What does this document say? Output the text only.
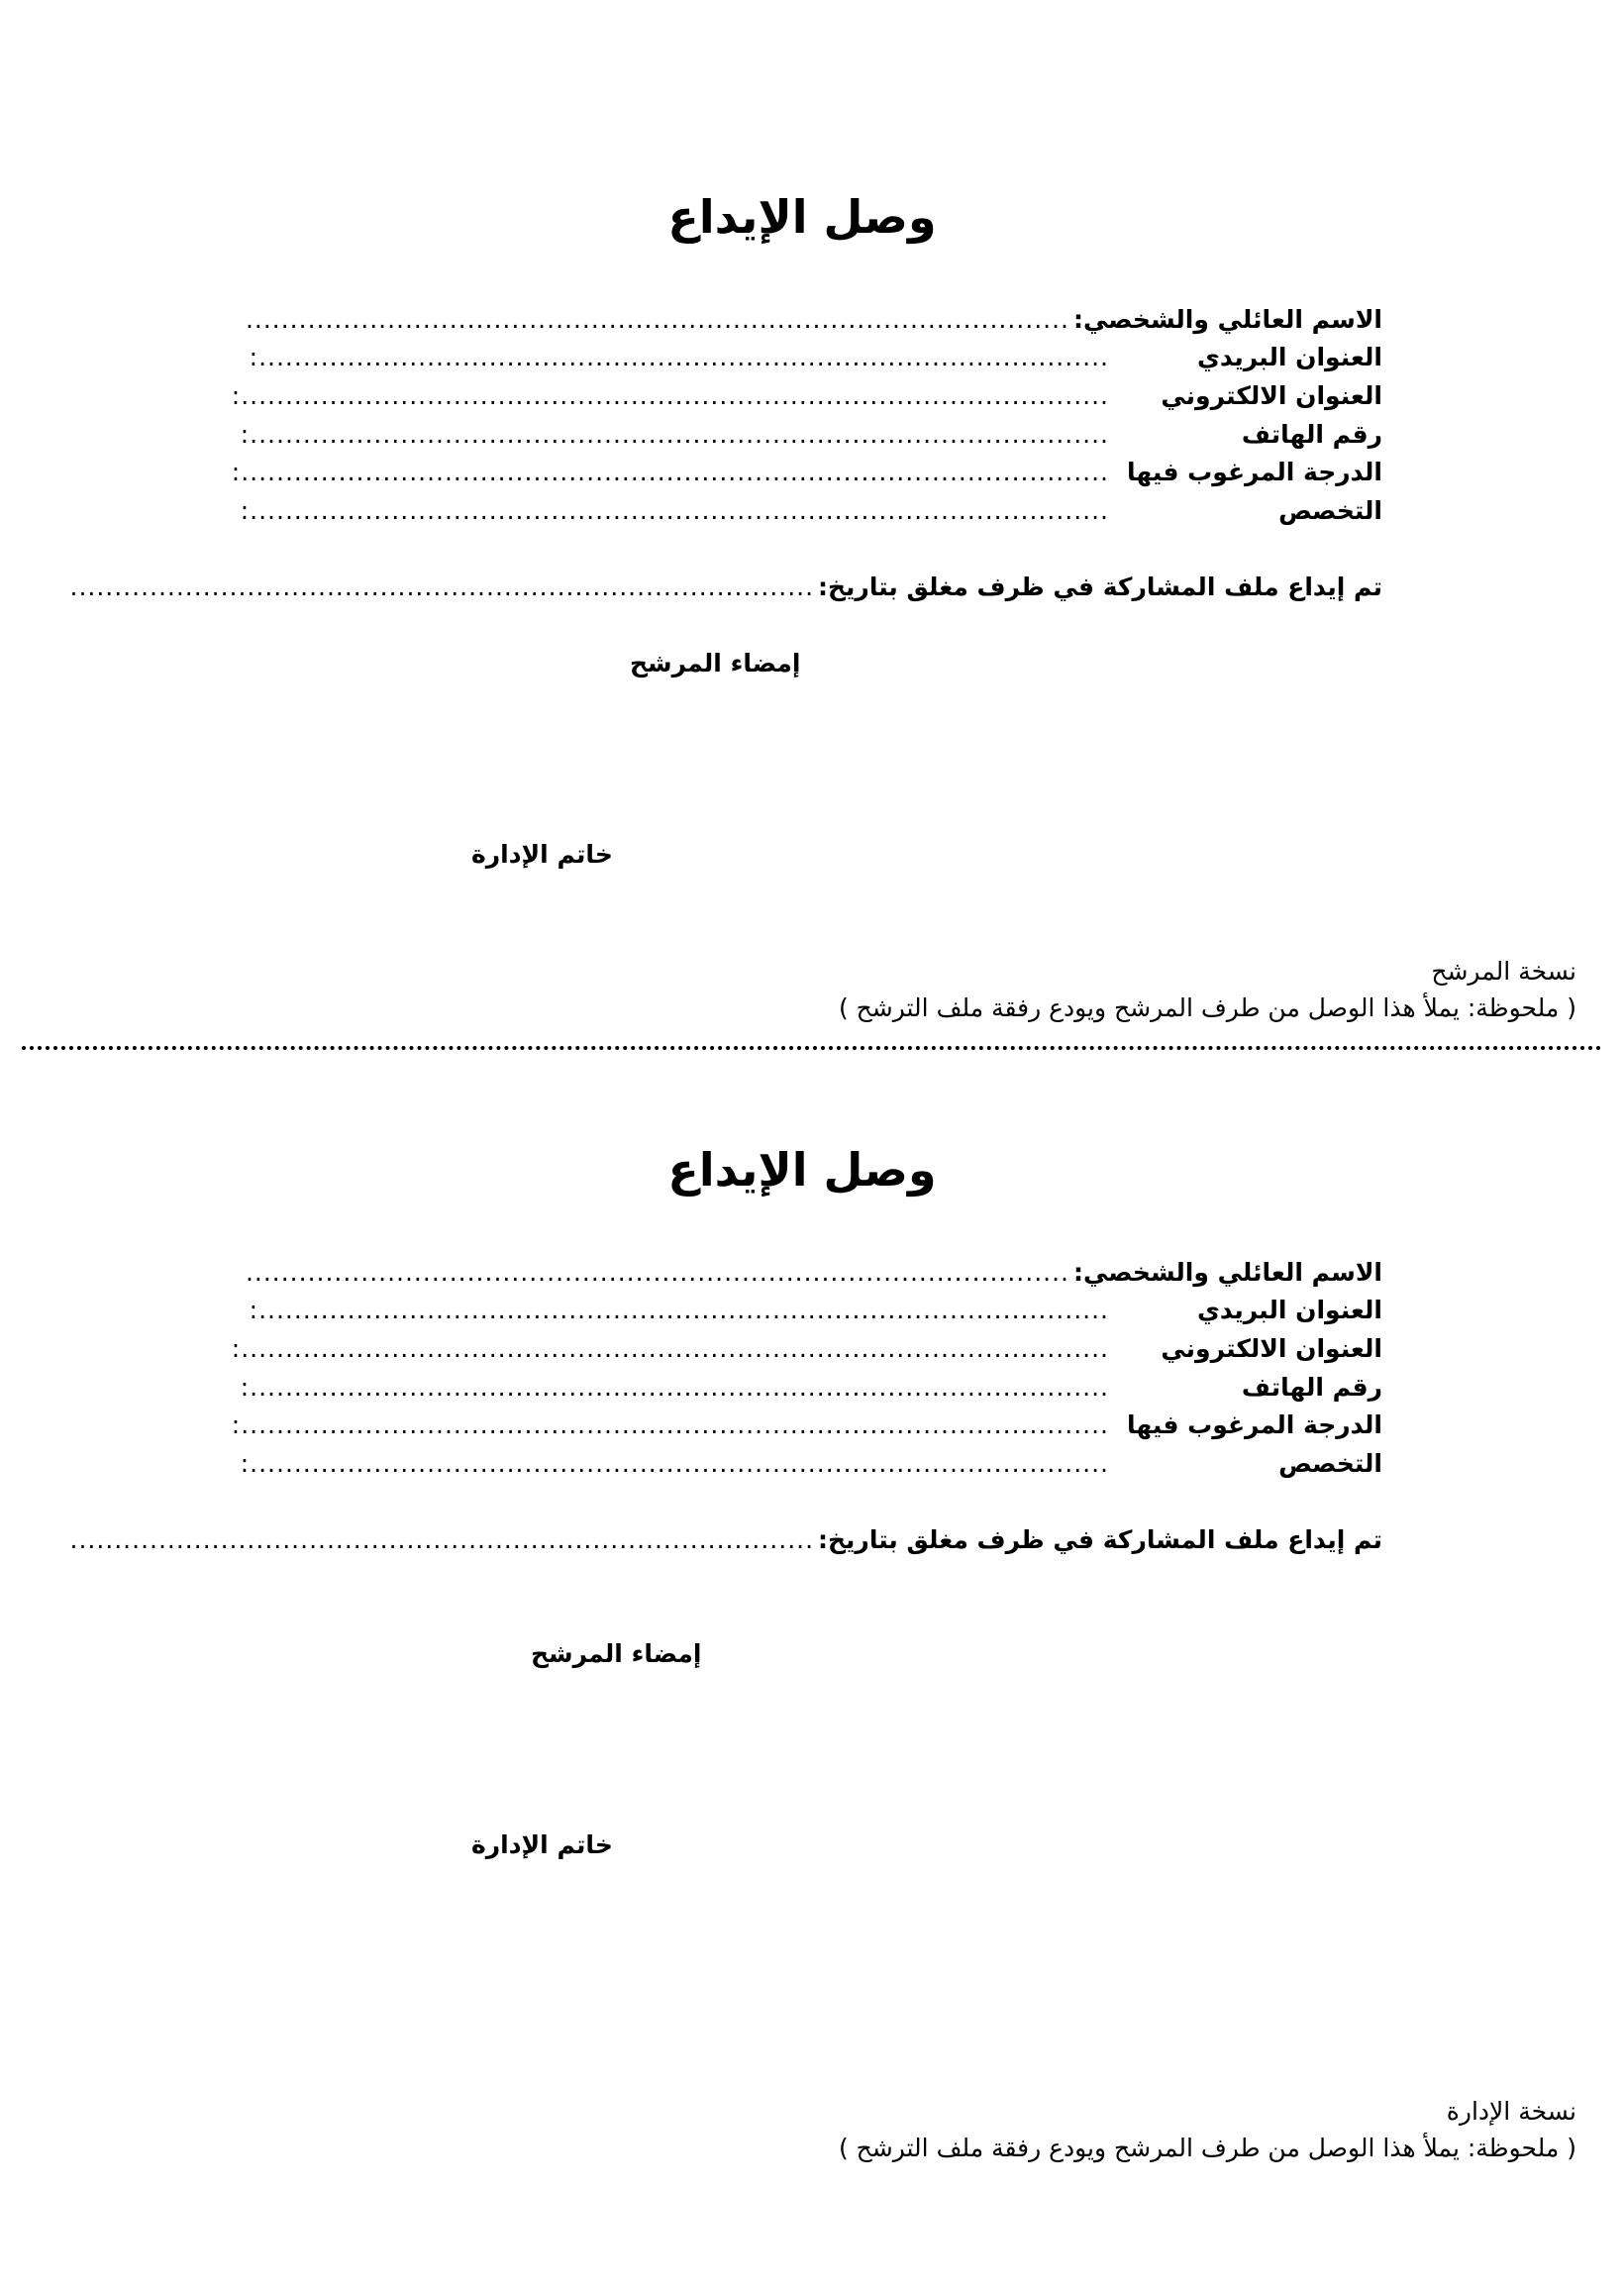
وصل الإيداع
الاسم العائلي والشخصي:
.............................................................................................
العنوان البريدي
:................................................................................................
العنوان الالكتروني
:..................................................................................................
رقم الهاتف
:.................................................................................................
الدرجة المرغوب فيها
:..................................................................................................
التخصص
:.................................................................................................
تم إيداع ملف المشاركة في ظرف مغلق بتاريخ:
....................................................................................
إمضاء المرشح
خاتم الإدارة
نسخة المرشح
( ملحوظة: يملأ هذا الوصل من طرف المرشح ويودع رفقة ملف الترشح )
وصل الإيداع
الاسم العائلي والشخصي:
.............................................................................................
العنوان البريدي
:................................................................................................
العنوان الالكتروني
:..................................................................................................
رقم الهاتف
:.................................................................................................
الدرجة المرغوب فيها
:..................................................................................................
التخصص
:.................................................................................................
تم إيداع ملف المشاركة في ظرف مغلق بتاريخ:
....................................................................................
إمضاء المرشح
خاتم الإدارة
نسخة الإدارة
( ملحوظة: يملأ هذا الوصل من طرف المرشح ويودع رفقة ملف الترشح )
